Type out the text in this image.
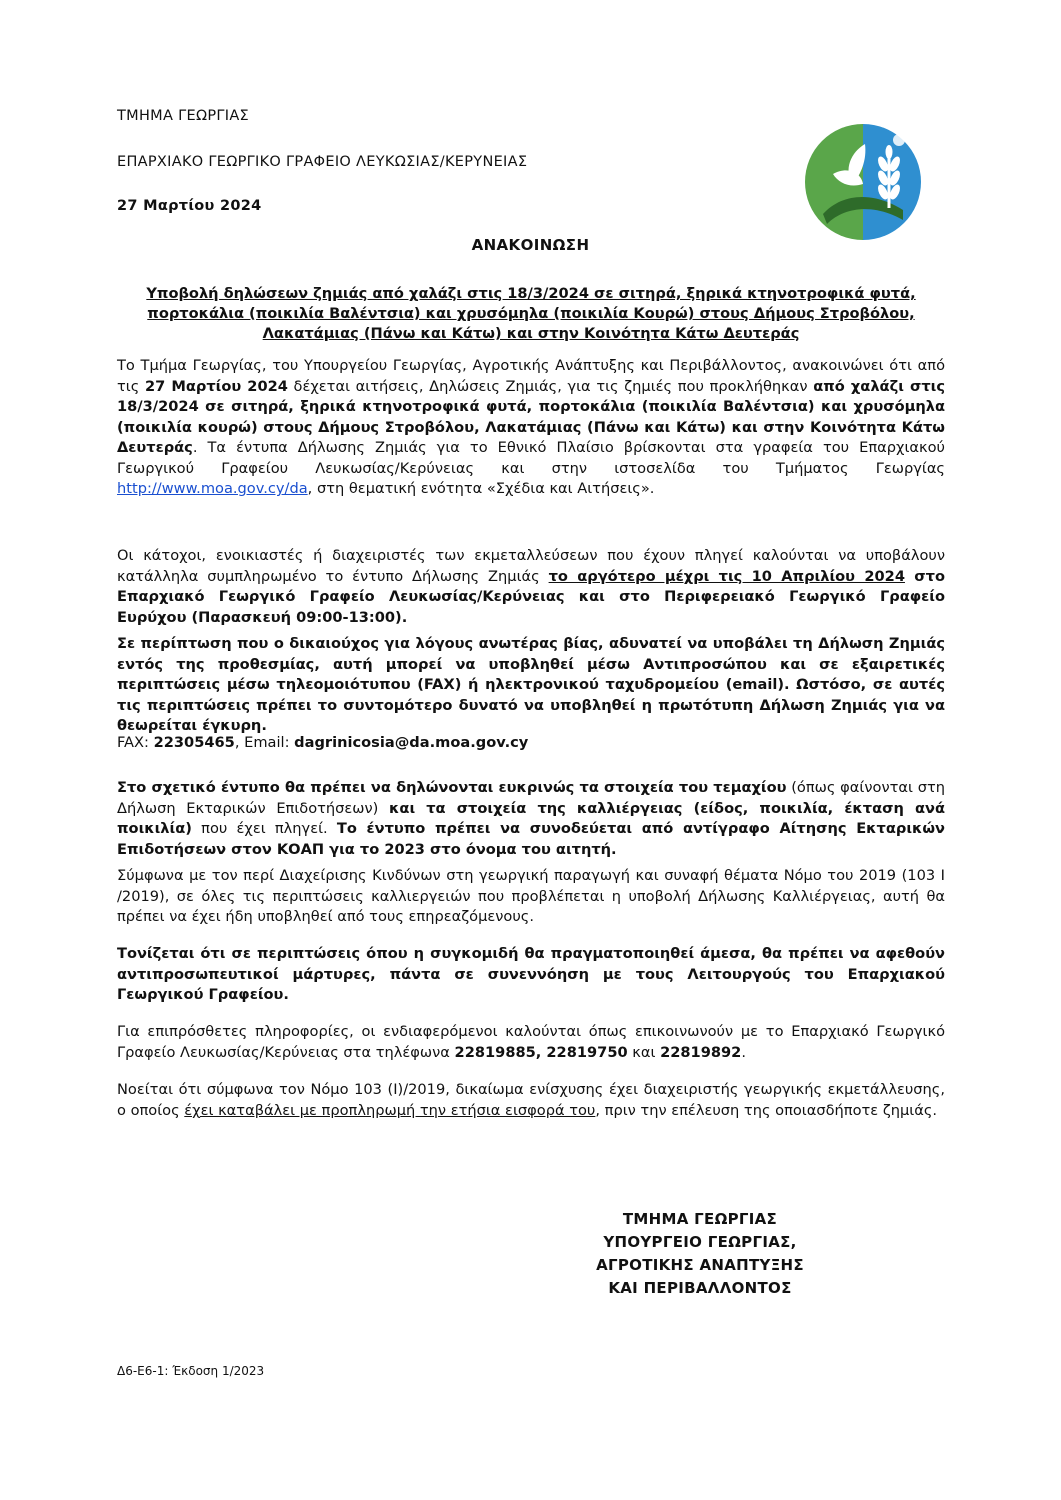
ΤΜΗΜΑ ΓΕΩΡΓΙΑΣ
ΕΠΑΡΧΙΑΚΟ ΓΕΩΡΓΙΚΟ ΓΡΑΦΕΙΟ ΛΕΥΚΩΣΙΑΣ/ΚΕΡΥΝΕΙΑΣ
27 Μαρτίου 2024
ΑΝΑΚΟΙΝΩΣΗ
Υποβολή δηλώσεων ζημιάς από χαλάζι στις 18/3/2024 σε σιτηρά, ξηρικά κτηνοτροφικά φυτά, πορτοκάλια (ποικιλία Βαλέντσια) και χρυσόμηλα (ποικιλία Κουρώ) στους Δήμους Στροβόλου, Λακατάμιας (Πάνω και Κάτω) και στην Κοινότητα Κάτω Δευτεράς
Το Τμήμα Γεωργίας, του Υπουργείου Γεωργίας, Αγροτικής Ανάπτυξης και Περιβάλλοντος, ανακοινώνει ότι από τις 27 Μαρτίου 2024 δέχεται αιτήσεις, Δηλώσεις Ζημιάς, για τις ζημιές που προκλήθηκαν από χαλάζι στις 18/3/2024 σε σιτηρά, ξηρικά κτηνοτροφικά φυτά, πορτοκάλια (ποικιλία Βαλέντσια) και χρυσόμηλα (ποικιλία κουρώ) στους Δήμους Στροβόλου, Λακατάμιας (Πάνω και Κάτω) και στην Κοινότητα Κάτω Δευτεράς. Τα έντυπα Δήλωσης Ζημιάς για το Εθνικό Πλαίσιο βρίσκονται στα γραφεία του Επαρχιακού Γεωργικού Γραφείου Λευκωσίας/Κερύνειας και στην ιστοσελίδα του Τμήματος Γεωργίας http://www.moa.gov.cy/da, στη θεματική ενότητα «Σχέδια και Αιτήσεις».
Οι κάτοχοι, ενοικιαστές ή διαχειριστές των εκμεταλλεύσεων που έχουν πληγεί καλούνται να υποβάλουν κατάλληλα συμπληρωμένο το έντυπο Δήλωσης Ζημιάς το αργότερο μέχρι τις 10 Απριλίου 2024 στο Επαρχιακό Γεωργικό Γραφείο Λευκωσίας/Κερύνειας και στο Περιφερειακό Γεωργικό Γραφείο Ευρύχου (Παρασκευή 09:00-13:00).
Σε περίπτωση που ο δικαιούχος για λόγους ανωτέρας βίας, αδυνατεί να υποβάλει τη Δήλωση Ζημιάς εντός της προθεσμίας, αυτή μπορεί να υποβληθεί μέσω Αντιπροσώπου και σε εξαιρετικές περιπτώσεις μέσω τηλεομοιότυπου (FAX) ή ηλεκτρονικού ταχυδρομείου (email). Ωστόσο, σε αυτές τις περιπτώσεις πρέπει το συντομότερο δυνατό να υποβληθεί η πρωτότυπη Δήλωση Ζημιάς για να θεωρείται έγκυρη.
FAX: 22305465, Email: dagrinicosia@da.moa.gov.cy
Στο σχετικό έντυπο θα πρέπει να δηλώνονται ευκρινώς τα στοιχεία του τεμαχίου (όπως φαίνονται στη Δήλωση Εκταρικών Επιδοτήσεων) και τα στοιχεία της καλλιέργειας (είδος, ποικιλία, έκταση ανά ποικιλία) που έχει πληγεί. Το έντυπο πρέπει να συνοδεύεται από αντίγραφο Αίτησης Εκταρικών Επιδοτήσεων στον ΚΟΑΠ για το 2023 στο όνομα του αιτητή.
Σύμφωνα με τον περί Διαχείρισης Κινδύνων στη γεωργική παραγωγή και συναφή θέματα Νόμο του 2019 (103 Ι /2019), σε όλες τις περιπτώσεις καλλιεργειών που προβλέπεται η υποβολή Δήλωσης Καλλιέργειας, αυτή θα πρέπει να έχει ήδη υποβληθεί από τους επηρεαζόμενους.
Τονίζεται ότι σε περιπτώσεις όπου η συγκομιδή θα πραγματοποιηθεί άμεσα, θα πρέπει να αφεθούν αντιπροσωπευτικοί μάρτυρες, πάντα σε συνεννόηση με τους Λειτουργούς του Επαρχιακού Γεωργικού Γραφείου.
Για επιπρόσθετες πληροφορίες, οι ενδιαφερόμενοι καλούνται όπως επικοινωνούν με το Επαρχιακό Γεωργικό Γραφείο Λευκωσίας/Κερύνειας στα τηλέφωνα 22819885, 22819750 και 22819892.
Νοείται ότι σύμφωνα τον Νόμο 103 (Ι)/2019, δικαίωμα ενίσχυσης έχει διαχειριστής γεωργικής εκμετάλλευσης, ο οποίος έχει καταβάλει με προπληρωμή την ετήσια εισφορά του, πριν την επέλευση της οποιασδήποτε ζημιάς.
ΤΜΗΜΑ ΓΕΩΡΓΙΑΣ
ΥΠΟΥΡΓΕΙΟ ΓΕΩΡΓΙΑΣ,
ΑΓΡΟΤΙΚΗΣ ΑΝΑΠΤΥΞΗΣ
ΚΑΙ ΠΕΡΙΒΑΛΛΟΝΤΟΣ
Δ6-Ε6-1: Έκδοση 1/2023
